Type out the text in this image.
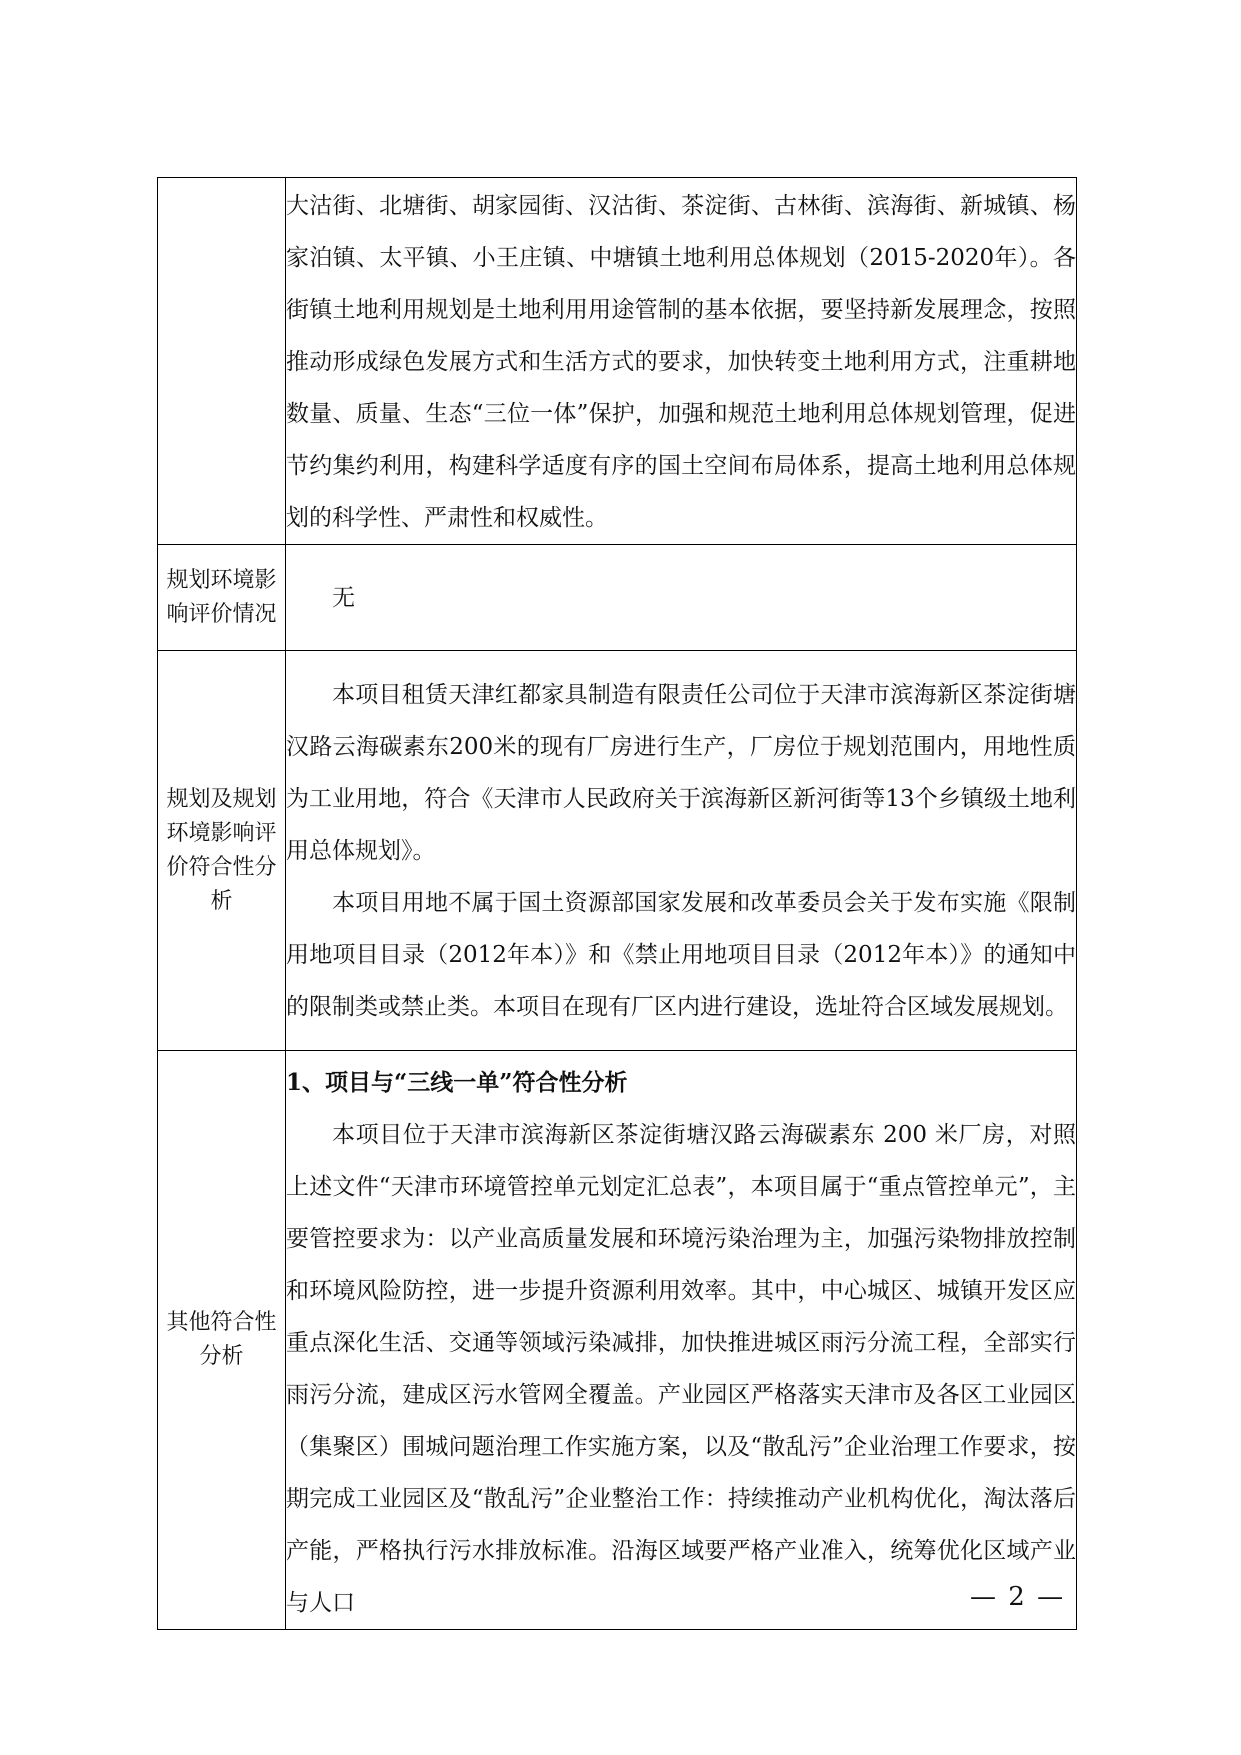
	大沽街、北塘街、胡家园街、汉沽街、茶淀街、古林街、滨海街、新城镇、杨家泊镇、太平镇、小王庄镇、中塘镇土地利用总体规划（2015-2020年）。各街镇土地利用规划是土地利用用途管制的基本依据，要坚持新发展理念，按照推动形成绿色发展方式和生活方式的要求，加快转变土地利用方式，注重耕地数量、质量、生态“三位一体”保护，加强和规范土地利用总体规划管理，促进节约集约利用，构建科学适度有序的国土空间布局体系，提高土地利用总体规划的科学性、严肃性和权威性。

规划环境影响评价情况	无

规划及规划环境影响评价符合性分析	本项目租赁天津红都家具制造有限责任公司位于天津市滨海新区茶淀街塘汉路云海碳素东200米的现有厂房进行生产，厂房位于规划范围内，用地性质为工业用地，符合《天津市人民政府关于滨海新区新河街等13个乡镇级土地利用总体规划》。

本项目用地不属于国土资源部国家发展和改革委员会关于发布实施《限制用地项目目录（2012年本）》和《禁止用地项目目录（2012年本）》的通知中的限制类或禁止类。本项目在现有厂区内进行建设，选址符合区域发展规划。

其他符合性分析	1、项目与“三线一单”符合性分析

本项目位于天津市滨海新区茶淀街塘汉路云海碳素东 200 米厂房，对照上述文件“天津市环境管控单元划定汇总表”，本项目属于“重点管控单元”，主要管控要求为：以产业高质量发展和环境污染治理为主，加强污染物排放控制和环境风险防控，进一步提升资源利用效率。其中，中心城区、城镇开发区应重点深化生活、交通等领域污染减排，加快推进城区雨污分流工程，全部实行雨污分流，建成区污水管网全覆盖。产业园区严格落实天津市及各区工业园区（集聚区）围城问题治理工作实施方案，以及“散乱污”企业治理工作要求，按期完成工业园区及“散乱污”企业整治工作：持续推动产业机构优化，淘汰落后产能，严格执行污水排放标准。沿海区域要严格产业准入，统筹优化区域产业与人口	— 2 —
